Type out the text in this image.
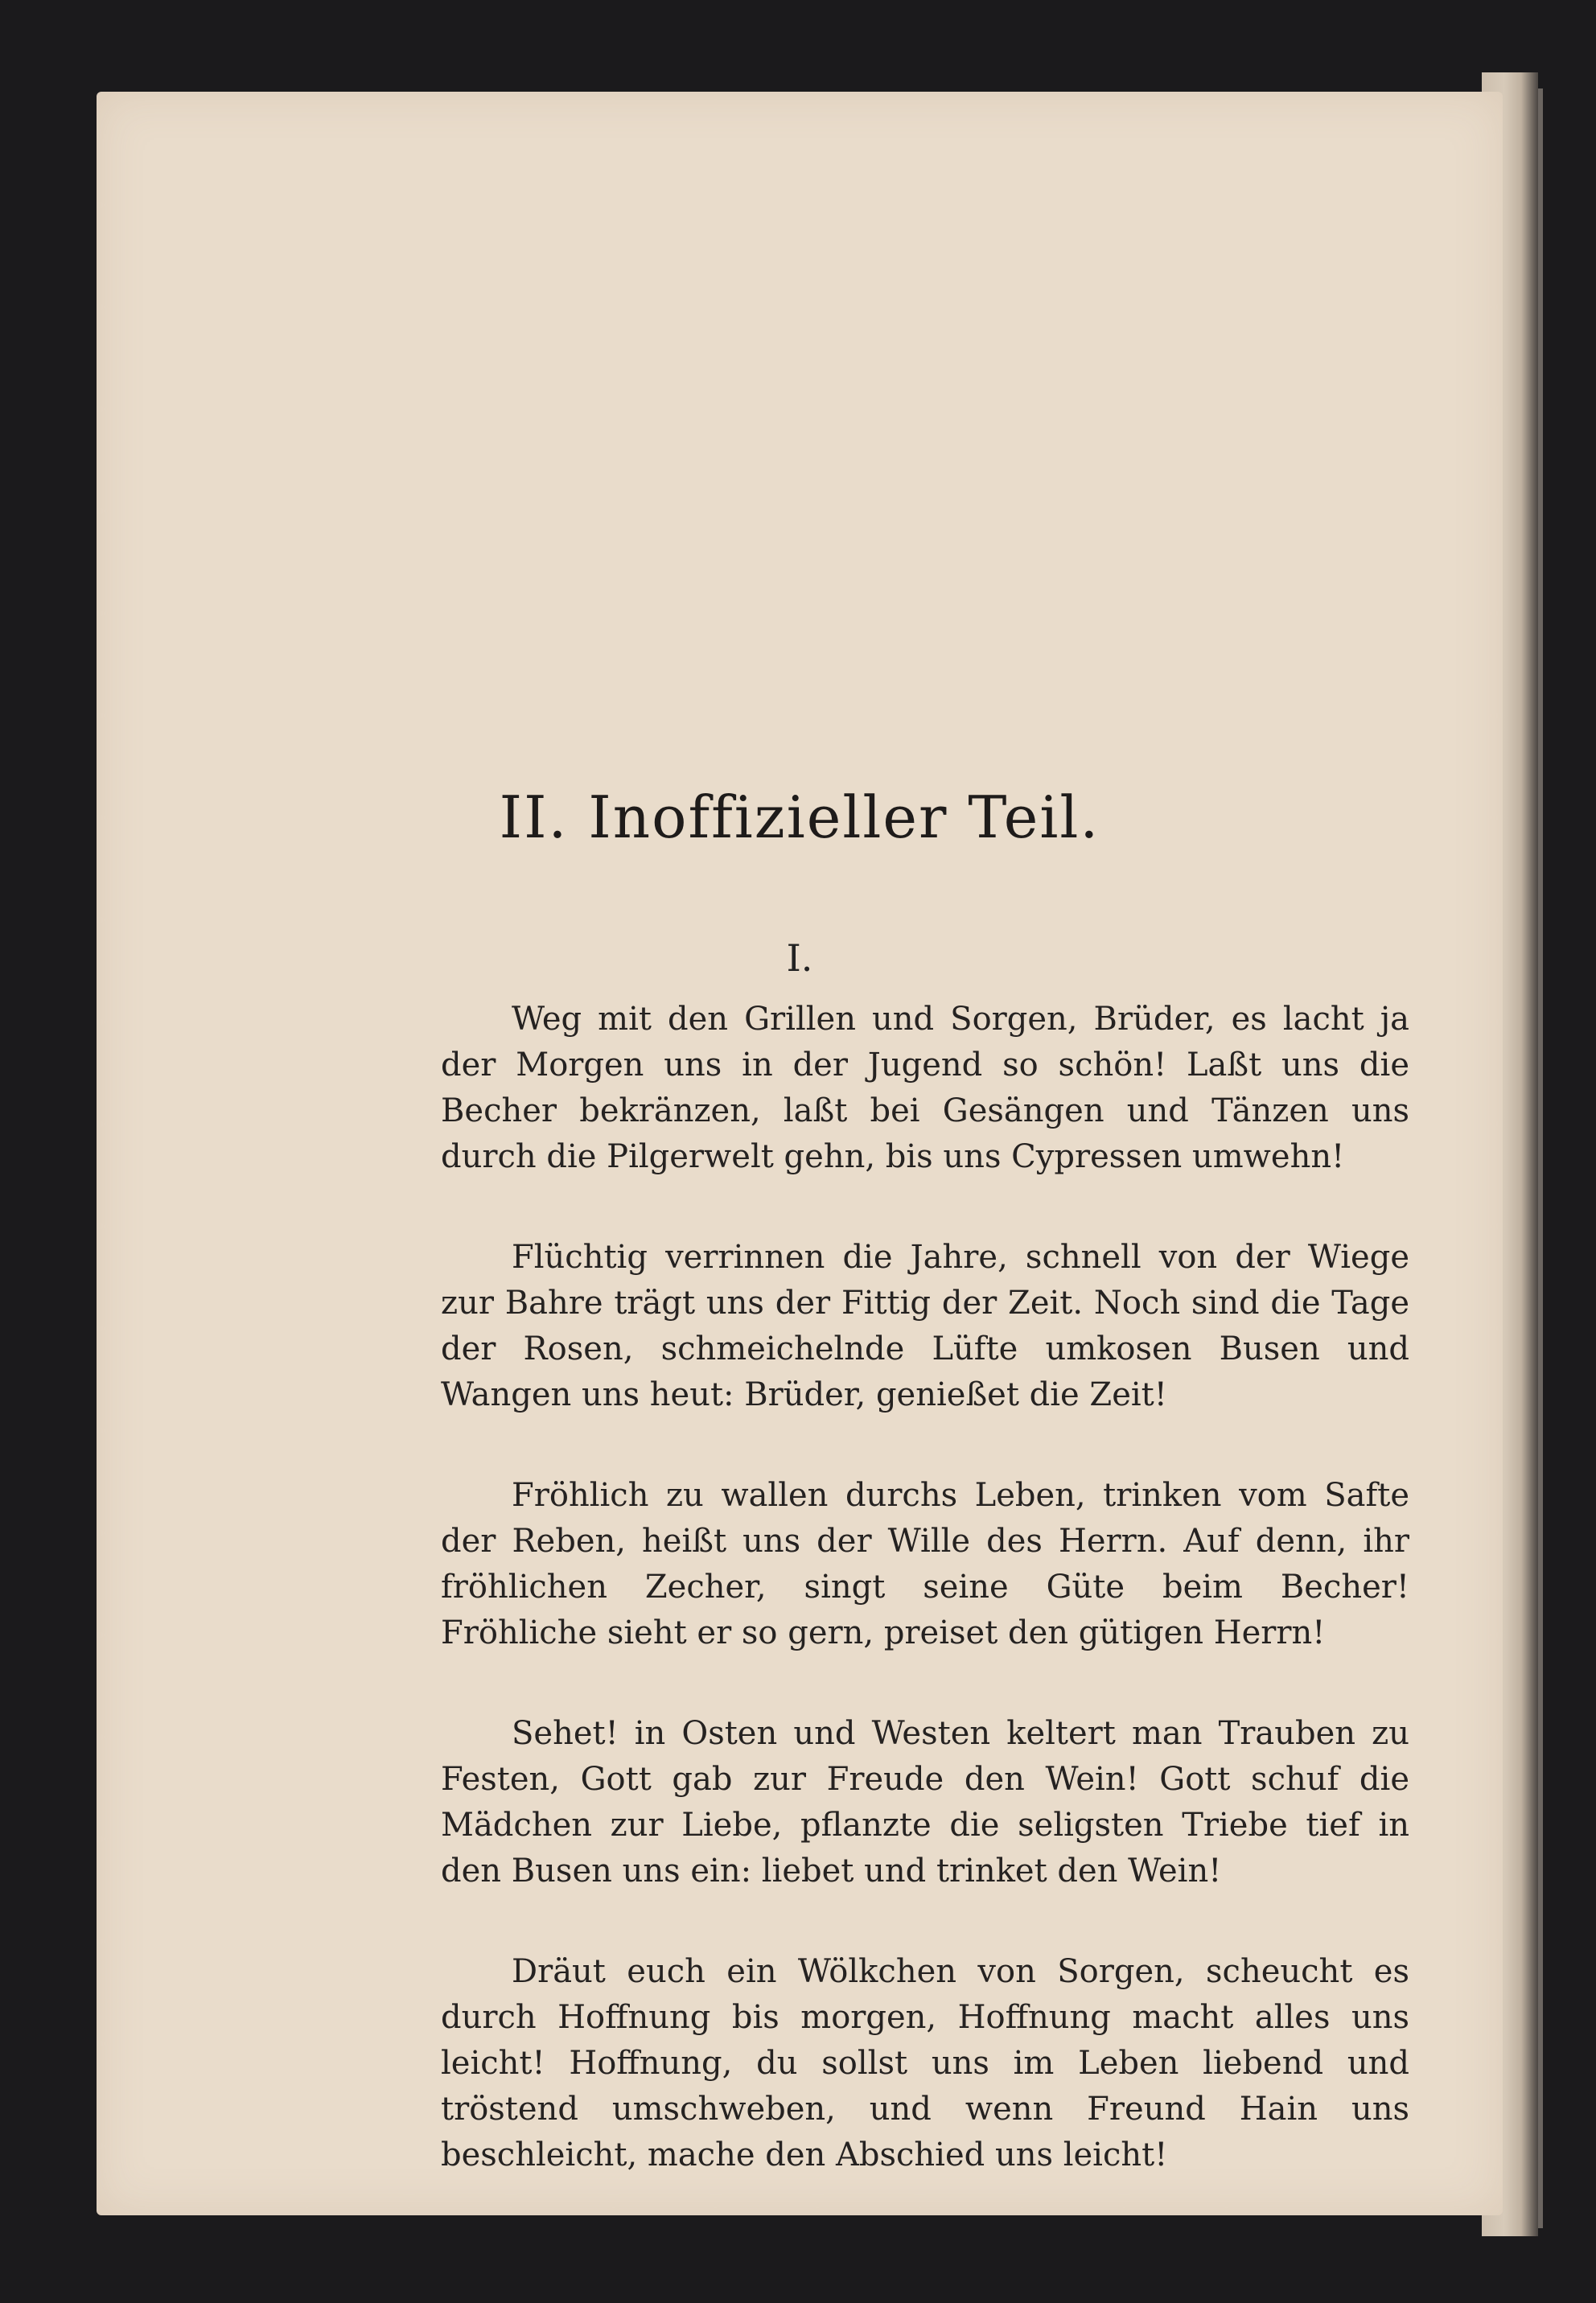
II. Inoffizieller Teil.
I.

Weg mit den Grillen und Sorgen, Brüder, es lacht ja der Morgen uns in der Jugend so schön! Laßt uns die Becher bekränzen, laßt bei Gesängen und Tänzen uns durch die Pilgerwelt gehn, bis uns Cypressen umwehn!

Flüchtig verrinnen die Jahre, schnell von der Wiege zur Bahre trägt uns der Fittig der Zeit. Noch sind die Tage der Rosen, schmeichelnde Lüfte umkosen Busen und Wangen uns heut: Brüder, genießet die Zeit!

Fröhlich zu wallen durchs Leben, trinken vom Safte der Reben, heißt uns der Wille des Herrn. Auf denn, ihr fröhlichen Zecher, singt seine Güte beim Becher! Fröhliche sieht er so gern, preiset den gütigen Herrn!

Sehet! in Osten und Westen keltert man Trauben zu Festen, Gott gab zur Freude den Wein! Gott schuf die Mädchen zur Liebe, pflanzte die seligsten Triebe tief in den Busen uns ein: liebet und trinket den Wein!

Dräut euch ein Wölkchen von Sorgen, scheucht es durch Hoffnung bis morgen, Hoffnung macht alles uns leicht! Hoffnung, du sollst uns im Leben liebend und tröstend umschweben, und wenn Freund Hain uns beschleicht, mache den Abschied uns leicht!
